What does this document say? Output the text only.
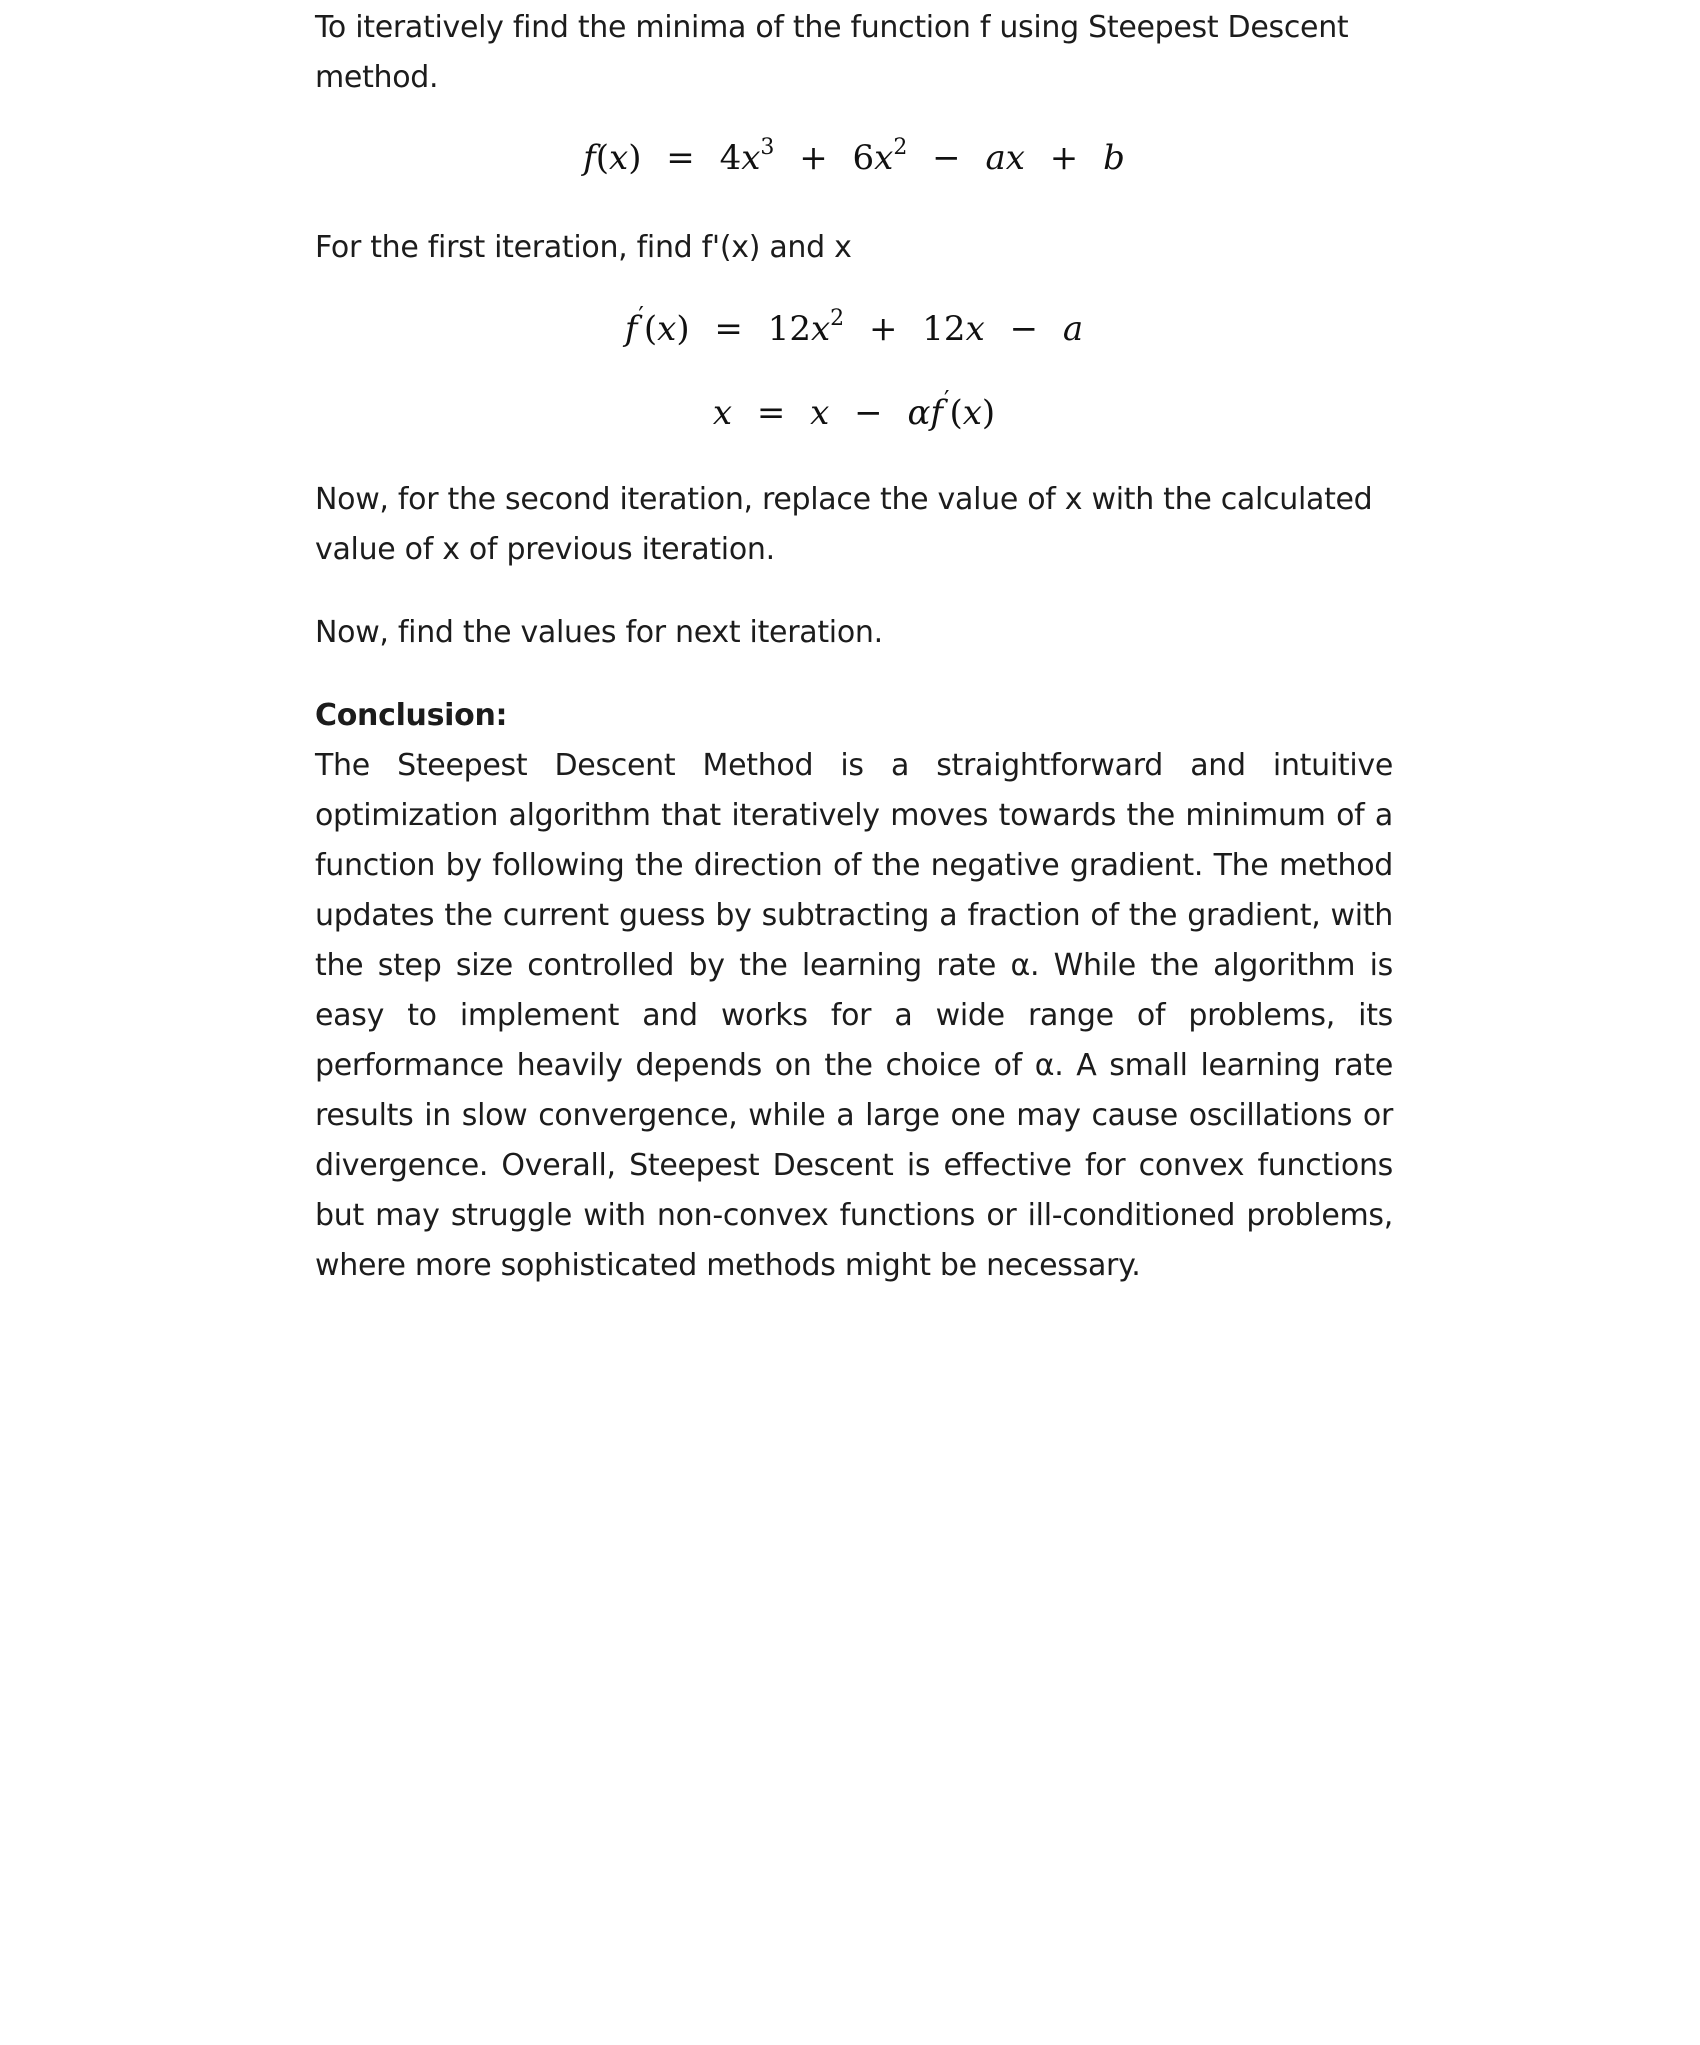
To iteratively find the minima of the function f using Steepest Descent method.

$f(x) = 4x^3 + 6x^2$ − ax + b

For the first iteration, find f'(x) and x

$f'(x) = 12x^2 + 12x - a$
x = x − αf′(x)

Now, for the second iteration, replace the value of x with the calculated value of x of previous iteration.

Now, find the values for next iteration.

Conclusion:

The Steepest Descent Method is a straightforward and intuitive optimization algorithm that iteratively moves towards the minimum of a function by following the direction of the negative gradient. The method updates the current guess by subtracting a fraction of the gradient, with the step size controlled by the learning rate α. While the algorithm is easy to implement and works for a wide range of problems, its performance heavily depends on the choice of α. A small learning rate results in slow convergence, while a large one may cause oscillations or divergence. Overall, Steepest Descent is effective for convex functions but may struggle with non-convex functions or ill-conditioned problems, where more sophisticated methods might be necessary.
